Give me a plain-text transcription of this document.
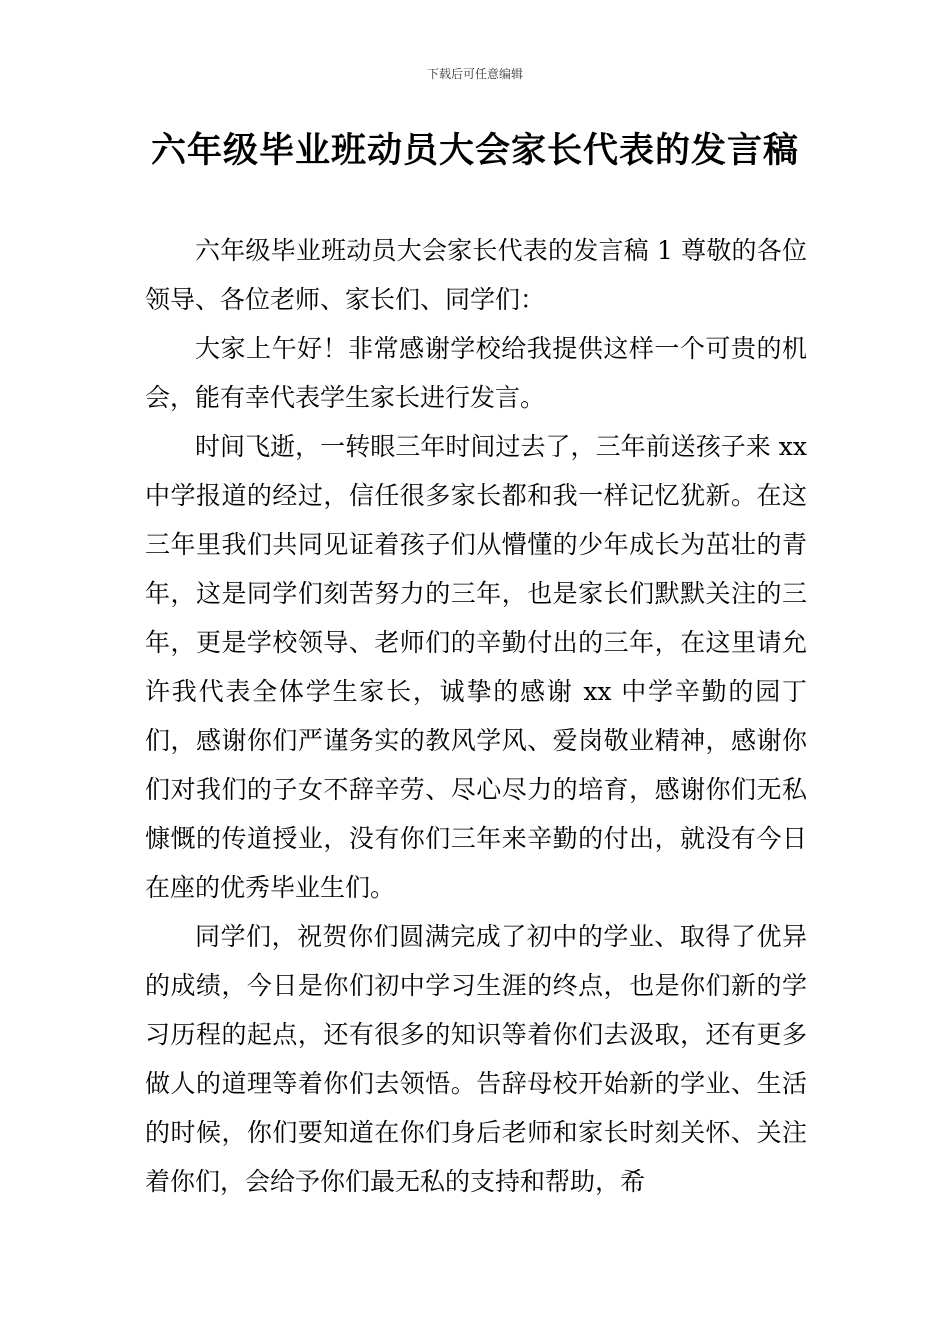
下载后可任意编辑
六年级毕业班动员大会家长代表的发言稿

六年级毕业班动员大会家长代表的发言稿 1 尊敬的各位领导、各位老师、家长们、同学们：

大家上午好！非常感谢学校给我提供这样一个可贵的机会，能有幸代表学生家长进行发言。

时间飞逝，一转眼三年时间过去了，三年前送孩子来 xx 中学报道的经过，信任很多家长都和我一样记忆犹新。在这三年里我们共同见证着孩子们从懵懂的少年成长为茁壮的青年，这是同学们刻苦努力的三年，也是家长们默默关注的三年，更是学校领导、老师们的辛勤付出的三年，在这里请允许我代表全体学生家长，诚挚的感谢 xx 中学辛勤的园丁们，感谢你们严谨务实的教风学风、爱岗敬业精神，感谢你们对我们的子女不辞辛劳、尽心尽力的培育，感谢你们无私慷慨的传道授业，没有你们三年来辛勤的付出，就没有今日在座的优秀毕业生们。

同学们，祝贺你们圆满完成了初中的学业、取得了优异的成绩，今日是你们初中学习生涯的终点，也是你们新的学习历程的起点，还有很多的知识等着你们去汲取，还有更多做人的道理等着你们去领悟。告辞母校开始新的学业、生活的时候，你们要知道在你们身后老师和家长时刻关怀、关注着你们，会给予你们最无私的支持和帮助，希
